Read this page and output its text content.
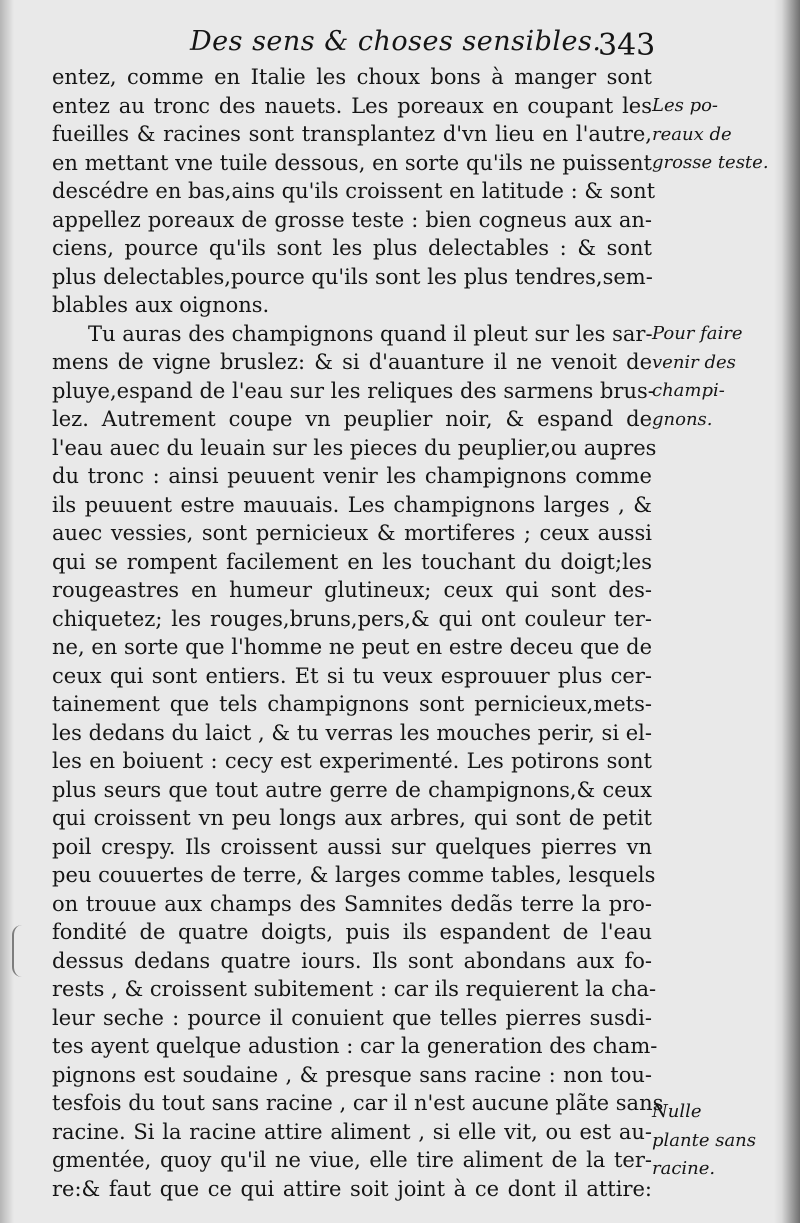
Des sens & choses sensibles.
343
entez, comme en Italie les choux bons à manger sont
entez au tronc des nauets. Les poreaux en coupant les
fueilles & racines sont transplantez d'vn lieu en l'autre,
en mettant vne tuile dessous, en sorte qu'ils ne puissent
descédre en bas,ains qu'ils croissent en latitude : & sont
appellez poreaux de grosse teste : bien cogneus aux an-
ciens, pource qu'ils sont les plus delectables : & sont
plus delectables,pource qu'ils sont les plus tendres,sem-
blables aux oignons.
Tu auras des champignons quand il pleut sur les sar-
mens de vigne bruslez: & si d'auanture il ne venoit de
pluye,espand de l'eau sur les reliques des sarmens brus-
lez. Autrement coupe vn peuplier noir, & espand de
l'eau auec du leuain sur les pieces du peuplier,ou aupres
du tronc : ainsi peuuent venir les champignons comme
ils peuuent estre mauuais. Les champignons larges , &
auec vessies, sont pernicieux & mortiferes ; ceux aussi
qui se rompent facilement en les touchant du doigt;les
rougeastres en humeur glutineux; ceux qui sont des-
chiquetez; les rouges,bruns,pers,& qui ont couleur ter-
ne, en sorte que l'homme ne peut en estre deceu que de
ceux qui sont entiers. Et si tu veux esprouuer plus cer-
tainement que tels champignons sont pernicieux,mets-
les dedans du laict , & tu verras les mouches perir, si el-
les en boiuent : cecy est experimenté. Les potirons sont
plus seurs que tout autre gerre de champignons,& ceux
qui croissent vn peu longs aux arbres, qui sont de petit
poil crespy. Ils croissent aussi sur quelques pierres vn
peu couuertes de terre, & larges comme tables, lesquels
on trouue aux champs des Samnites dedãs terre la pro-
fondité de quatre doigts, puis ils espandent de l'eau
dessus dedans quatre iours. Ils sont abondans aux fo-
rests , & croissent subitement : car ils requierent la cha-
leur seche : pource il conuient que telles pierres susdi-
tes ayent quelque adustion : car la generation des cham-
pignons est soudaine , & presque sans racine : non tou-
tesfois du tout sans racine , car il n'est aucune plãte sans
racine. Si la racine attire aliment , si elle vit, ou est au-
gmentée, quoy qu'il ne viue, elle tire aliment de la ter-
re:& faut que ce qui attire soit joint à ce dont il attire:
Les po-
reaux de
grosse teste.
Pour faire
venir des
champi-
gnons.
Nulle
plante sans
racine.
